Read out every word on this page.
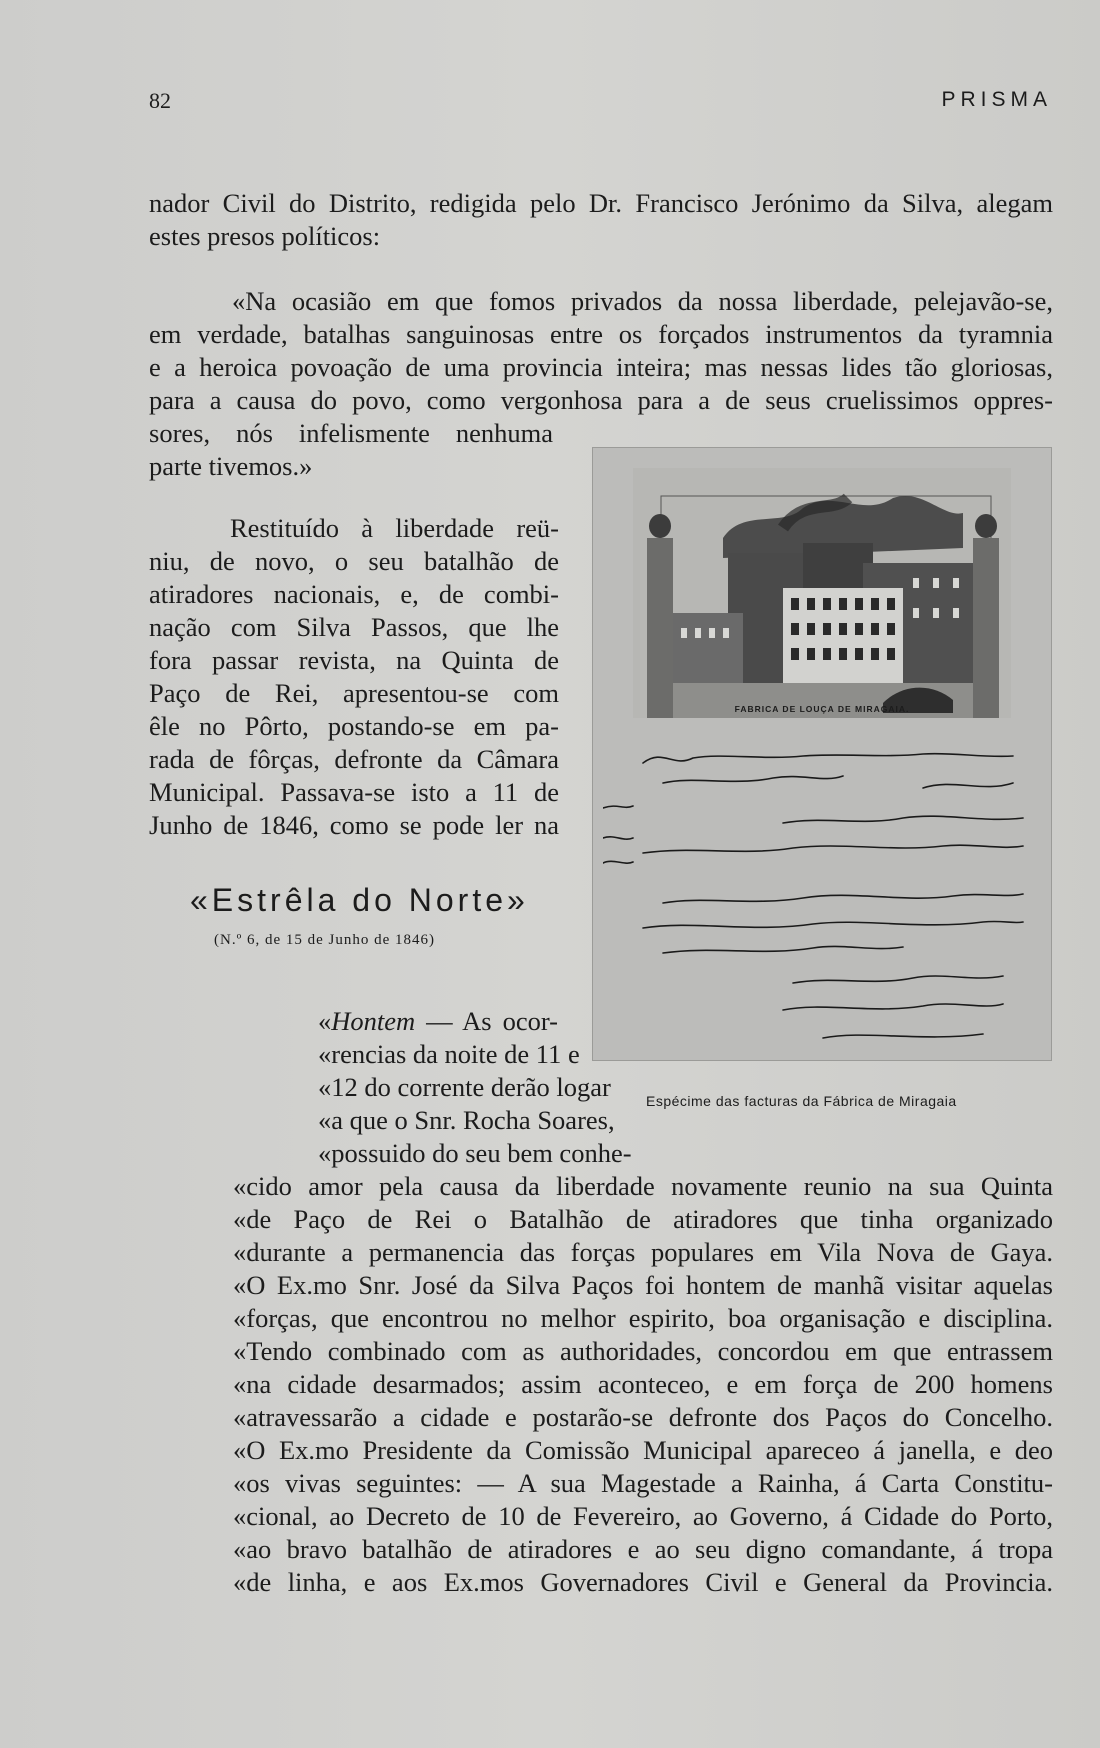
82	PRISMA
nador Civil do Distrito, redigida pelo Dr. Francisco Jerónimo da Silva, alegam
estes presos políticos:
«Na ocasião em que fomos privados da nossa liberdade, pelejavão-se,
em verdade, batalhas sanguinosas entre os forçados instrumentos da tyramnia
e a heroica povoação de uma provincia inteira; mas nessas lides tão gloriosas,
para a causa do povo, como vergonhosa para a de seus cruelissimos oppres-
sores, nós infelismente nenhuma
parte tivemos.»
Restituído à liberdade reü-
niu, de novo, o seu batalhão de
atiradores nacionais, e, de combi-
nação com Silva Passos, que lhe
fora passar revista, na Quinta de
Paço de Rei, apresentou-se com
êle no Pôrto, postando-se em pa-
rada de fôrças, defronte da Câmara
Municipal. Passava-se isto a 11 de
Junho de 1846, como se pode ler na
«Estrêla do Norte»
(N.º 6, de 15 de Junho de 1846)
«Hontem — As ocor-
«rencias da noite de 11 e
«12 do corrente derão logar
«a que o Snr. Rocha Soares,
«possuido do seu bem conhe-
«cido amor pela causa da liberdade novamente reunio na sua Quinta
«de Paço de Rei o Batalhão de atiradores que tinha organizado
«durante a permanencia das forças populares em Vila Nova de Gaya.
«O Ex.mo Snr. José da Silva Paços foi hontem de manhã visitar aquelas
«forças, que encontrou no melhor espirito, boa organisação e disciplina.
«Tendo combinado com as authoridades, concordou em que entrassem
«na cidade desarmados; assim aconteceo, e em força de 200 homens
«atravessarão a cidade e postarão-se defronte dos Paços do Concelho.
«O Ex.mo Presidente da Comissão Municipal apareceo á janella, e deo
«os vivas seguintes: — A sua Magestade a Rainha, á Carta Constitu-
«cional, ao Decreto de 10 de Fevereiro, ao Governo, á Cidade do Porto,
«ao bravo batalhão de atiradores e ao seu digno comandante, á tropa
«de linha, e aos Ex.mos Governadores Civil e General da Provincia.
FABRICA DE LOUÇA DE MIRAGAIA.
Espécime das facturas da Fábrica de Miragaia
